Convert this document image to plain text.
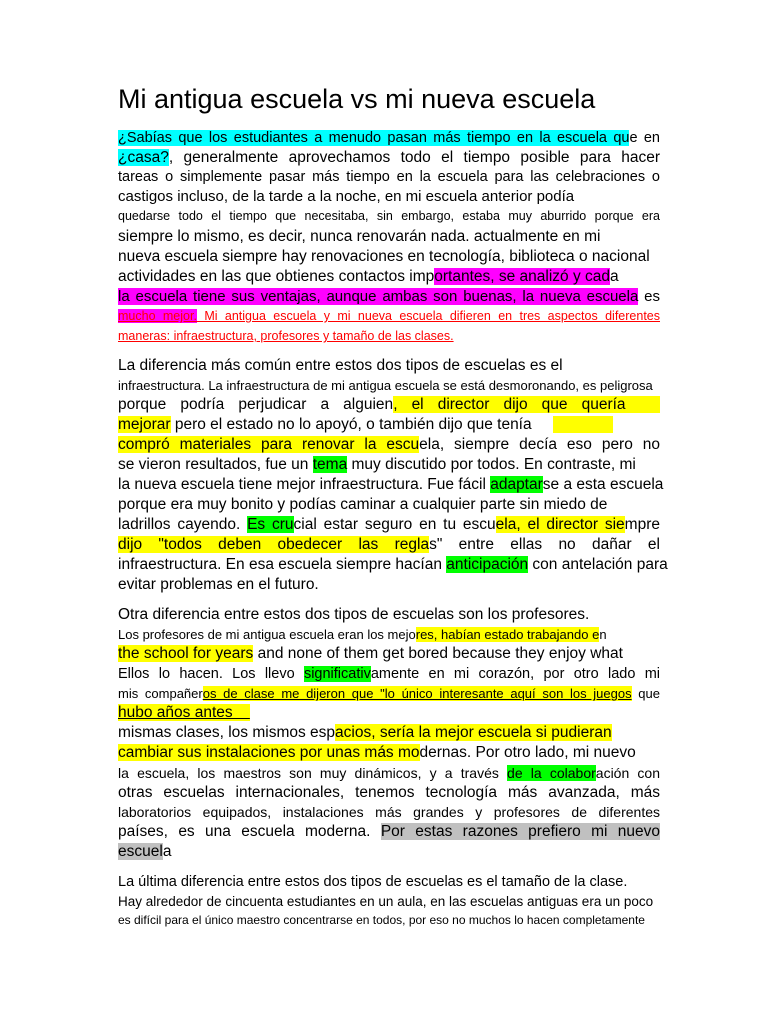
Mi antigua escuela vs mi nueva escuela
¿Sabías que los estudiantes a menudo pasan más tiempo en la escuela que en
¿casa?, generalmente aprovechamos todo el tiempo posible para hacer
tareas o simplemente pasar más tiempo en la escuela para las celebraciones o
castigos incluso, de la tarde a la noche, en mi escuela anterior podía
quedarse todo el tiempo que necesitaba, sin embargo, estaba muy aburrido porque era
siempre lo mismo, es decir, nunca renovarán nada. actualmente en mi
nueva escuela siempre hay renovaciones en tecnología, biblioteca o nacional
actividades en las que obtienes contactos importantes, se analizó y cada
la escuela tiene sus ventajas, aunque ambas son buenas, la nueva escuela es
mucho mejor. Mi antigua escuela y mi nueva escuela difieren en tres aspectos diferentes
maneras: infraestructura, profesores y tamaño de las clases.
La diferencia más común entre estos dos tipos de escuelas es el
infraestructura. La infraestructura de mi antigua escuela se está desmoronando, es peligrosa
porque podría perjudicar a alguien, el director dijo que quería
mejorar pero el estado no lo apoyó, o también dijo que tenía
compró materiales para renovar la escuela, siempre decía eso pero no
se vieron resultados, fue un tema muy discutido por todos. En contraste, mi
la nueva escuela tiene mejor infraestructura. Fue fácil adaptarse a esta escuela
porque era muy bonito y podías caminar a cualquier parte sin miedo de
ladrillos cayendo. Es crucial estar seguro en tu escuela, el director siempre
dijo "todos deben obedecer las reglas" entre ellas no dañar el
infraestructura. En esa escuela siempre hacían anticipación con antelación para
evitar problemas en el futuro.
Otra diferencia entre estos dos tipos de escuelas son los profesores.
Los profesores de mi antigua escuela eran los mejores, habían estado trabajando en
the school for years and none of them get bored because they enjoy what
Ellos lo hacen. Los llevo significativamente en mi corazón, por otro lado mi
mis compañeros de clase me dijeron que "lo único interesante aquí son los juegos que
hubo años antes
mismas clases, los mismos espacios, sería la mejor escuela si pudieran
cambiar sus instalaciones por unas más modernas. Por otro lado, mi nuevo
la escuela, los maestros son muy dinámicos, y a través de la colaboración con
otras escuelas internacionales, tenemos tecnología más avanzada, más
laboratorios equipados, instalaciones más grandes y profesores de diferentes
países, es una escuela moderna. Por estas razones prefiero mi nuevo
escuela
La última diferencia entre estos dos tipos de escuelas es el tamaño de la clase.
Hay alrededor de cincuenta estudiantes en un aula, en las escuelas antiguas era un poco
es difícil para el único maestro concentrarse en todos, por eso no muchos lo hacen completamente
